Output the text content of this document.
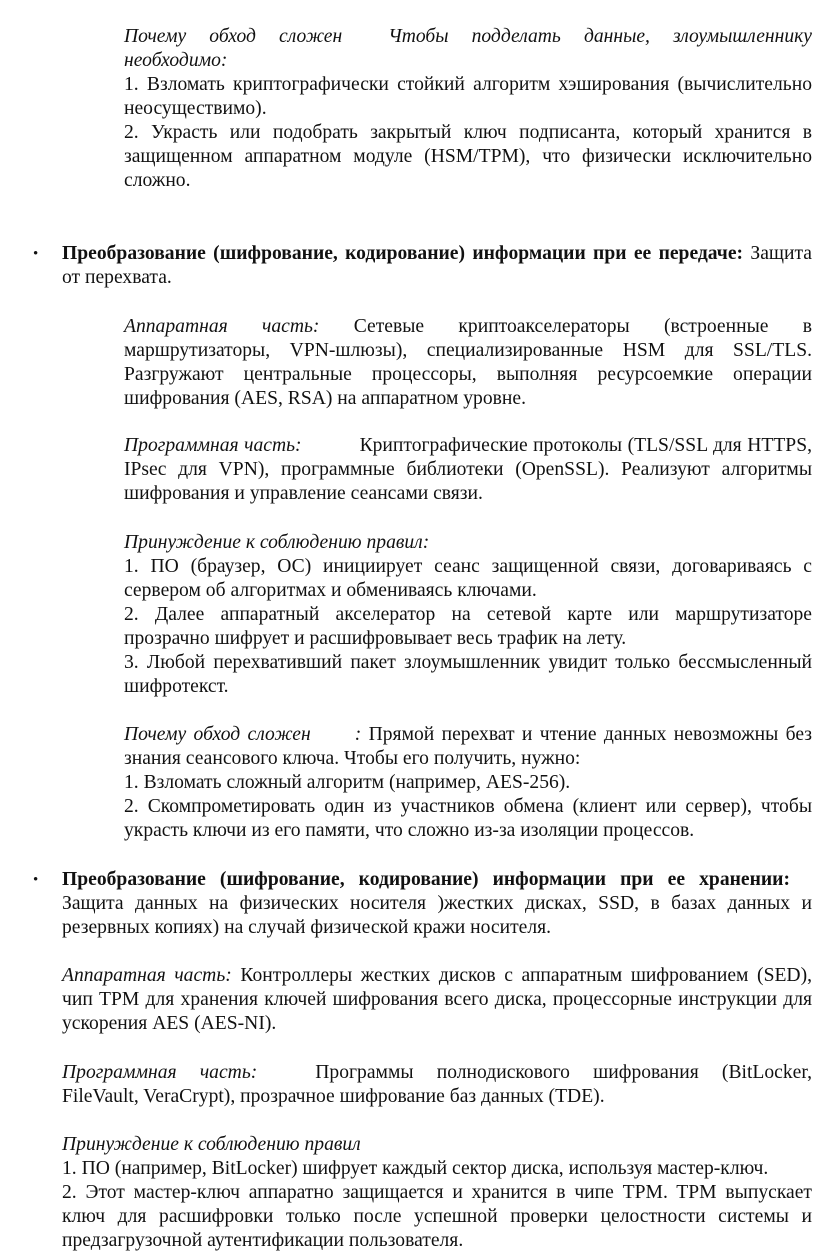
Почему обход сложен Чтобы подделать данные, злоумышленнику необходимо:

1. Взломать криптографически стойкий алгоритм хэширования (вычислительно неосуществимо).

2. Украсть или подобрать закрытый ключ подписанта, который хранится в защищенном аппаратном модуле (HSM/TPM), что физически исключительно сложно.

• Преобразование (шифрование, кодирование) информации при ее передаче: Защита от перехвата.

Аппаратная часть: Сетевые криптоакселераторы (встроенные в маршрутизаторы, VPN-шлюзы), специализированные HSM для SSL/TLS. Разгружают центральные процессоры, выполняя ресурсоемкие операции шифрования (AES, RSA) на аппаратном уровне.

Программная часть:	Криптографические протоколы (TLS/SSL для HTTPS, IPsec для VPN), программные библиотеки (OpenSSL). Реализуют алгоритмы шифрования и управление сеансами связи.

Принуждение к соблюдению правил:

1. ПО (браузер, ОС) инициирует сеанс защищенной связи, договариваясь с сервером об алгоритмах и обмениваясь ключами.

2. Далее аппаратный акселератор на сетевой карте или маршрутизаторе прозрачно шифрует и расшифровывает весь трафик на лету.

3. Любой перехвативший пакет злоумышленник увидит только бессмысленный шифротекст.

Почему обход сложен : Прямой перехват и чтение данных невозможны без знания сеансового ключа. Чтобы его получить, нужно:

1. Взломать сложный алгоритм (например, AES-256).

2. Скомпрометировать один из участников обмена (клиент или сервер), чтобы украсть ключи из его памяти, что сложно из-за изоляции процессов.

• Преобразование (шифрование, кодирование) информации при ее хранении:Защита данных на физических носителя )жестких дисках, SSD, в базах данных и резервных копиях) на случай физической кражи носителя.

Аппаратная часть: Контроллеры жестких дисков с аппаратным шифрованием (SED), чип TPM для хранения ключей шифрования всего диска, процессорные инструкции для ускорения AES (AES-NI).

Программная часть:	Программы полнодискового шифрования (BitLocker, FileVault, VeraCrypt), прозрачное шифрование баз данных (TDE).

Принуждение к соблюдению правил

1. ПО (например, BitLocker) шифрует каждый сектор диска, используя мастер-ключ.

2. Этот мастер-ключ аппаратно защищается и хранится в чипе TPM. TPM выпускает ключ для расшифровки только после успешной проверки целостности системы и предзагрузочной аутентификации пользователя.
